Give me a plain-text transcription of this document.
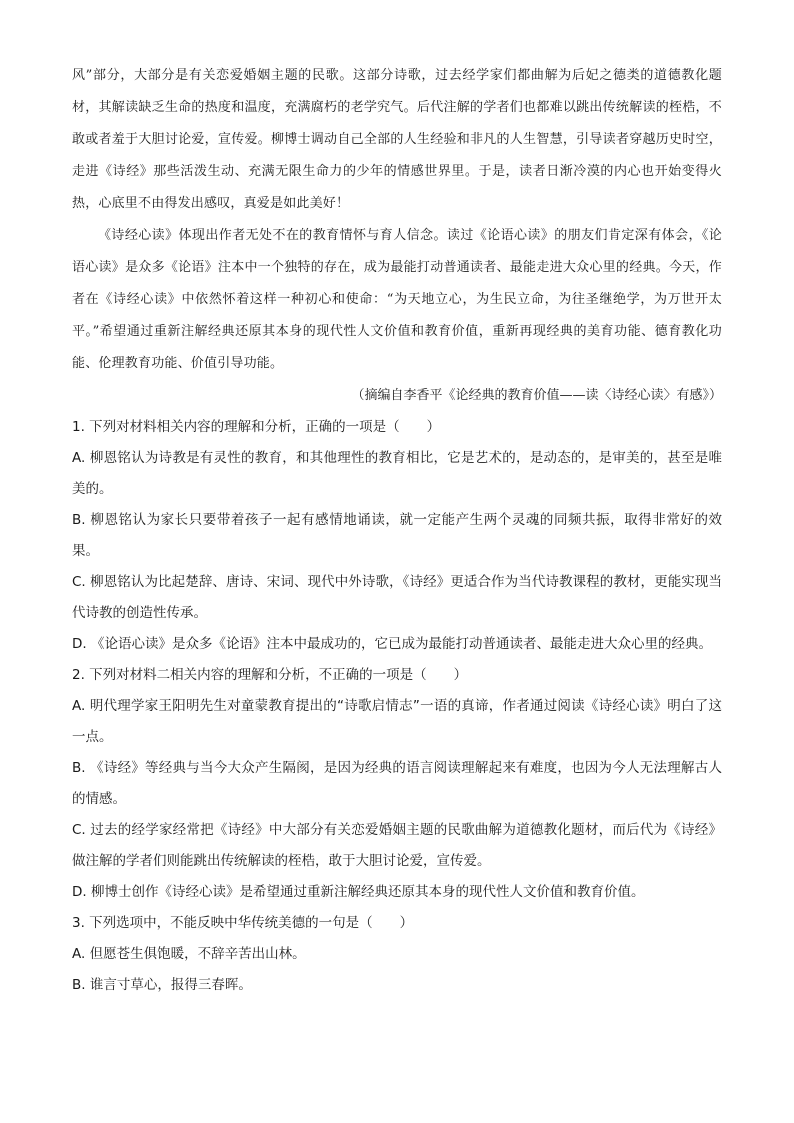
风”部分，大部分是有关恋爱婚姻主题的民歌。这部分诗歌，过去经学家们都曲解为后妃之德类的道德教化题材，其解读缺乏生命的热度和温度，充满腐朽的老学究气。后代注解的学者们也都难以跳出传统解读的桎梏，不敢或者羞于大胆讨论爱，宣传爱。柳博士调动自己全部的人生经验和非凡的人生智慧，引导读者穿越历史时空，走进《诗经》那些活泼生动、充满无限生命力的少年的情感世界里。于是，读者日渐冷漠的内心也开始变得火热，心底里不由得发出感叹，真爱是如此美好！

《诗经心读》体现出作者无处不在的教育情怀与育人信念。读过《论语心读》的朋友们肯定深有体会，《论语心读》是众多《论语》注本中一个独特的存在，成为最能打动普通读者、最能走进大众心里的经典。今天，作者在《诗经心读》中依然怀着这样一种初心和使命：“为天地立心，为生民立命，为往圣继绝学，为万世开太平。”希望通过重新注解经典还原其本身的现代性人文价值和教育价值，重新再现经典的美育功能、德育教化功能、伦理教育功能、价值引导功能。

（摘编自李香平《论经典的教育价值——读〈诗经心读〉有感》）

1. 下列对材料相关内容的理解和分析，正确的一项是（　　）

A. 柳恩铭认为诗教是有灵性的教育，和其他理性的教育相比，它是艺术的，是动态的，是审美的，甚至是唯美的。

B. 柳恩铭认为家长只要带着孩子一起有感情地诵读，就一定能产生两个灵魂的同频共振，取得非常好的效果。

C. 柳恩铭认为比起楚辞、唐诗、宋词、现代中外诗歌，《诗经》更适合作为当代诗教课程的教材，更能实现当代诗教的创造性传承。

D. 《论语心读》是众多《论语》注本中最成功的，它已成为最能打动普通读者、最能走进大众心里的经典。

2. 下列对材料二相关内容的理解和分析，不正确的一项是（　　）

A. 明代理学家王阳明先生对童蒙教育提出的“诗歌启情志”一语的真谛，作者通过阅读《诗经心读》明白了这一点。

B. 《诗经》等经典与当今大众产生隔阂，是因为经典的语言阅读理解起来有难度，也因为今人无法理解古人的情感。

C. 过去的经学家经常把《诗经》中大部分有关恋爱婚姻主题的民歌曲解为道德教化题材，而后代为《诗经》做注解的学者们则能跳出传统解读的桎梏，敢于大胆讨论爱，宣传爱。

D. 柳博士创作《诗经心读》是希望通过重新注解经典还原其本身的现代性人文价值和教育价值。

3. 下列选项中，不能反映中华传统美德的一句是（　　）

A. 但愿苍生俱饱暖，不辞辛苦出山林。

B. 谁言寸草心，报得三春晖。
